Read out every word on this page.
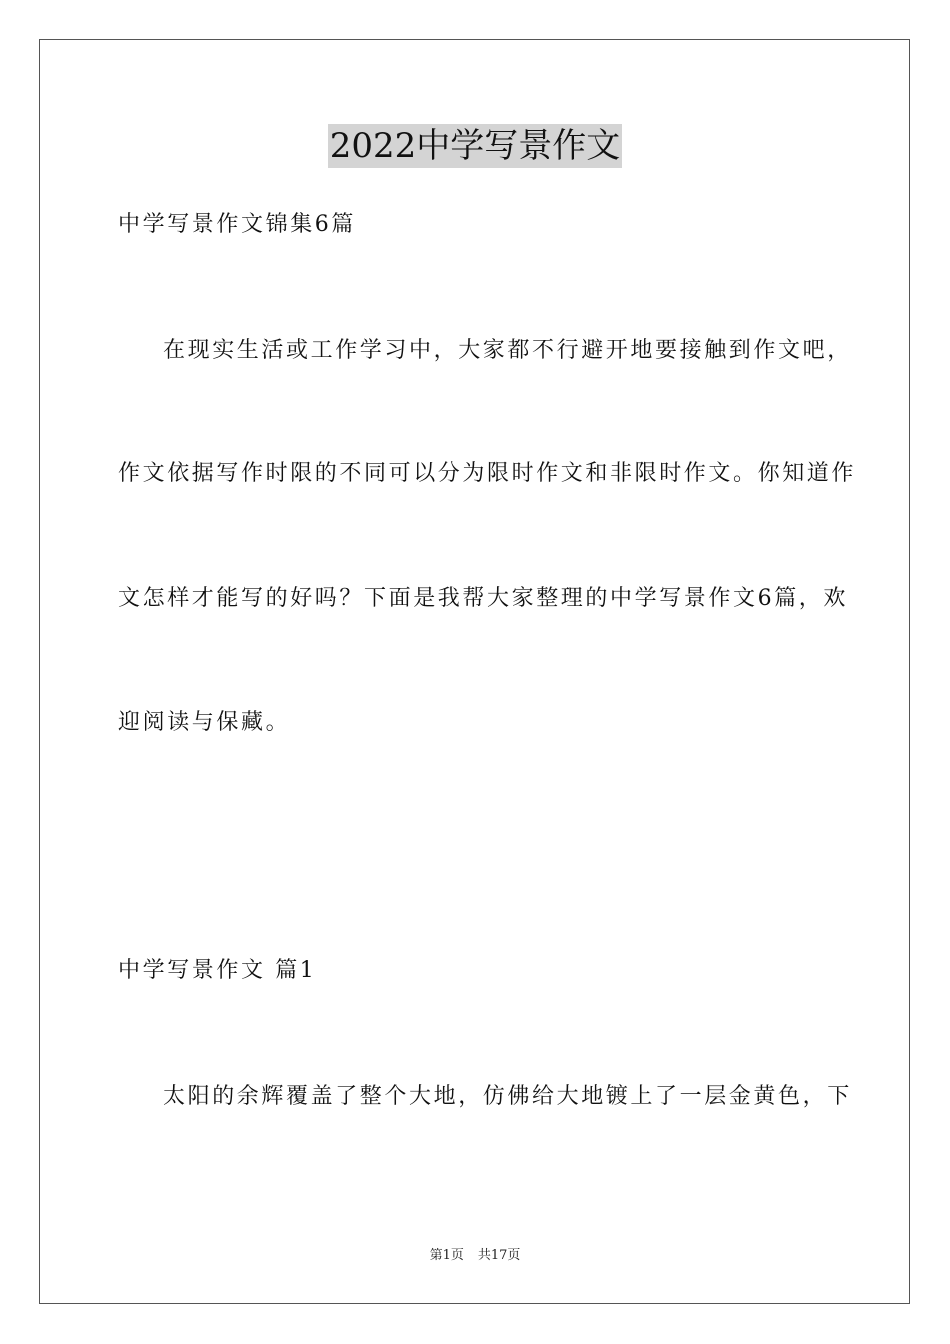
2022中学写景作文
中学写景作文锦集6篇
在现实生活或工作学习中，大家都不行避开地要接触到作文吧，
作文依据写作时限的不同可以分为限时作文和非限时作文。你知道作
文怎样才能写的好吗？下面是我帮大家整理的中学写景作文6篇，欢
迎阅读与保藏。
中学写景作文 篇1
太阳的余辉覆盖了整个大地，仿佛给大地镀上了一层金黄色，下
第1页 共17页
